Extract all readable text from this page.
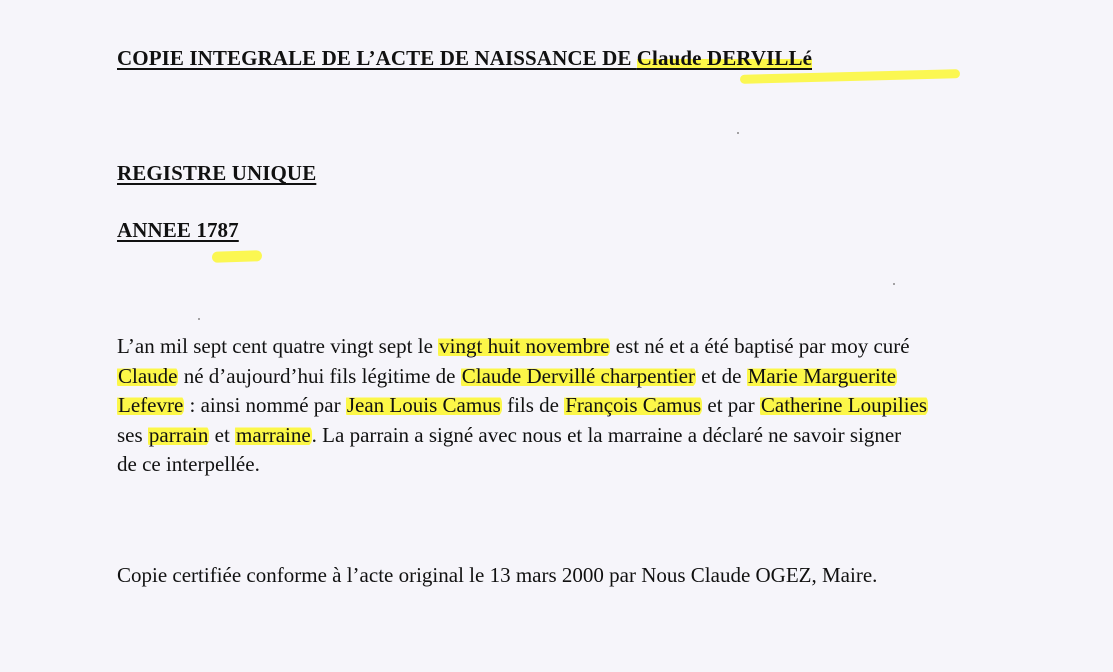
COPIE INTEGRALE DE L’ACTE DE NAISSANCE DE Claude DERVILLé
REGISTRE UNIQUE
ANNEE 1787

L’an mil sept cent quatre vingt sept le vingt huit novembre est né et a été baptisé par moy curé

Claude né d’aujourd’hui fils légitime de Claude Dervillé charpentier et de Marie Marguerite

Lefevre : ainsi nommé par Jean Louis Camus fils de François Camus et par Catherine Loupilies

ses parrain et marraine. La parrain a signé avec nous et la marraine a déclaré ne savoir signer

de ce interpellée.

Copie certifiée conforme à l’acte original le 13 mars 2000 par Nous Claude OGEZ, Maire.
